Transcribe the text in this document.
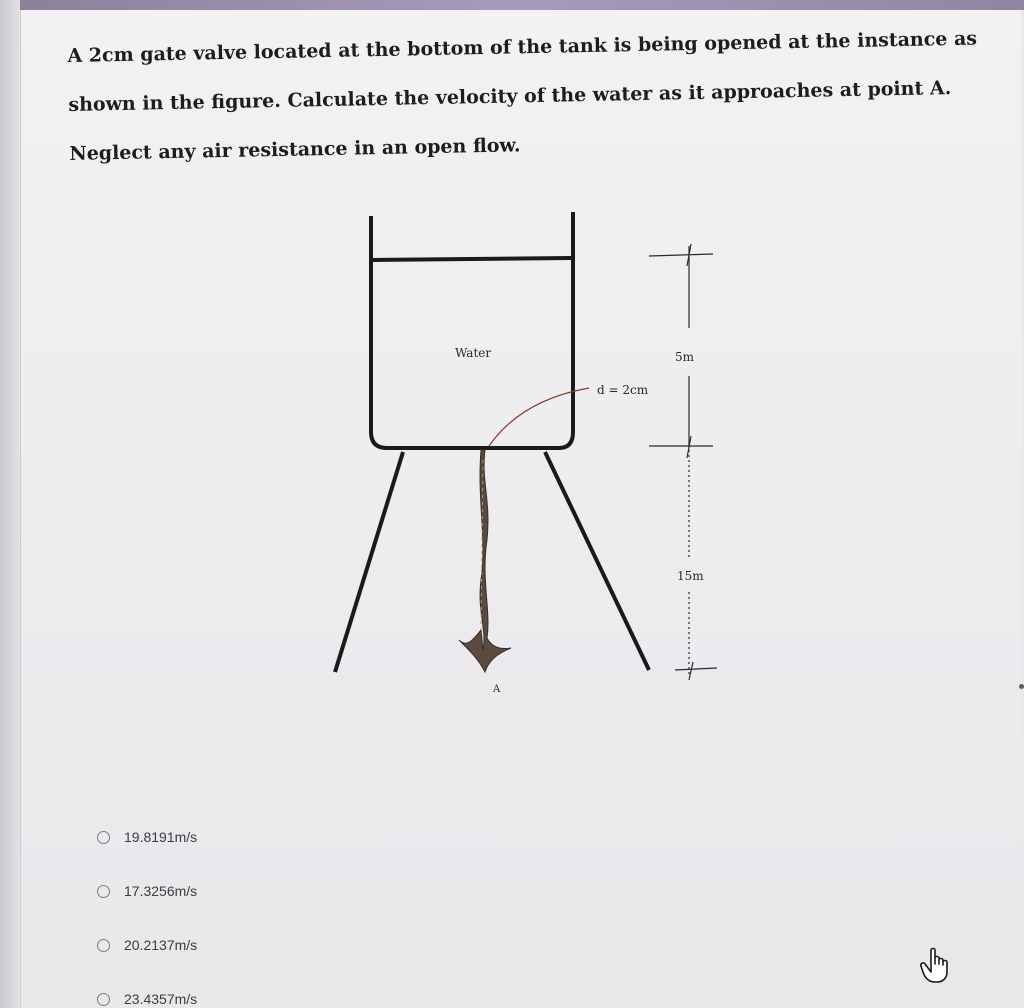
A 2cm gate valve located at the bottom of the tank is being opened at the instance as shown in the figure. Calculate the velocity of the water as it approaches at point A. Neglect any air resistance in an open flow.

Water
d = 2cm
5m
15m
A
19.8191m/s
17.3256m/s
20.2137m/s
23.4357m/s
